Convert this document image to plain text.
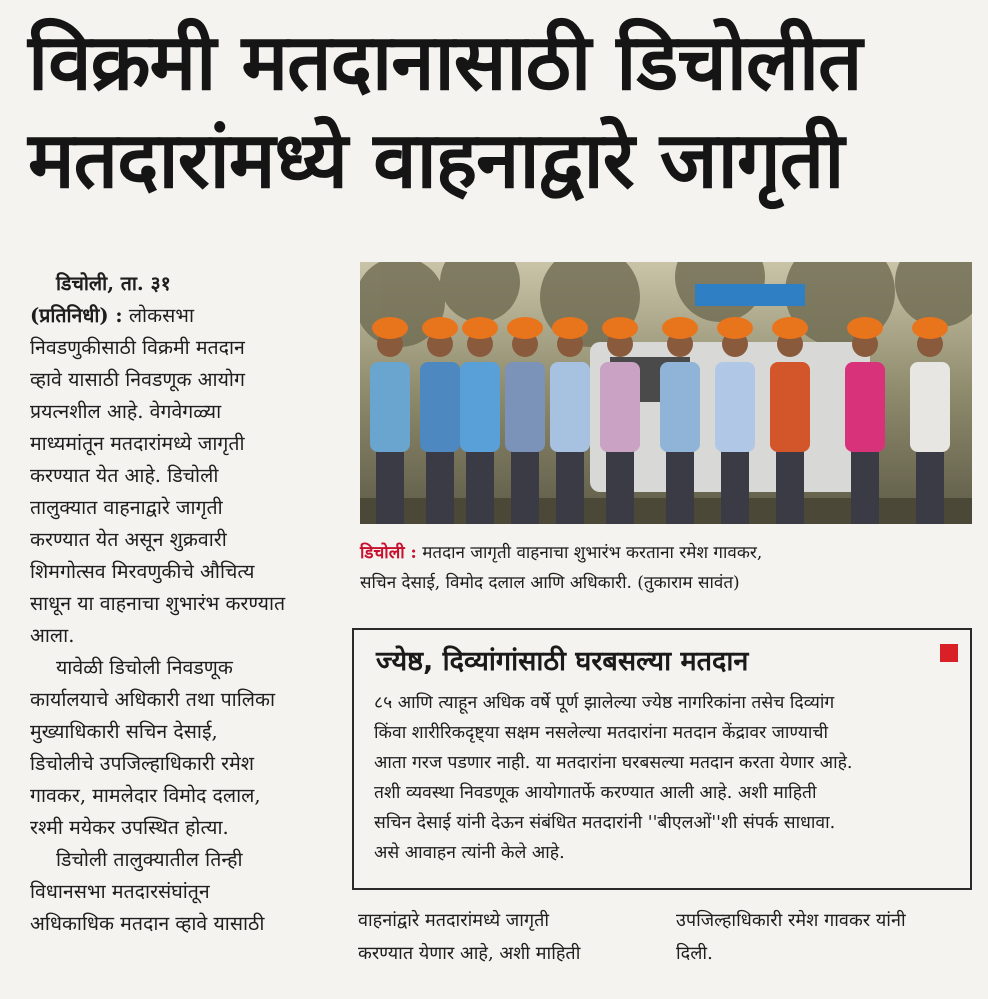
विक्रमी मतदानासाठी डिचोलीत
मतदारांमध्ये वाहनाद्वारे जागृती

डिचोली, ता. ३१
(प्रतिनिधी) : लोकसभा
निवडणुकीसाठी विक्रमी मतदान
व्हावे यासाठी निवडणूक आयोग
प्रयत्नशील आहे. वेगवेगळ्या
माध्यमांतून मतदारांमध्ये जागृती
करण्यात येत आहे. डिचोली
तालुक्यात वाहनाद्वारे जागृती
करण्यात येत असून शुक्रवारी
शिमगोत्सव मिरवणुकीचे औचित्य
साधून या वाहनाचा शुभारंभ करण्यात
आला.

यावेळी डिचोली निवडणूक
कार्यालयाचे अधिकारी तथा पालिका
मुख्याधिकारी सचिन देसाई,
डिचोलीचे उपजिल्हाधिकारी रमेश
गावकर, मामलेदार विमोद दलाल,
रश्मी मयेकर उपस्थित होत्या.

डिचोली तालुक्यातील तिन्ही
विधानसभा मतदारसंघांतून
अधिकाधिक मतदान व्हावे यासाठी

डिचोली : मतदान जागृती वाहनाचा शुभारंभ करताना रमेश गावकर,
सचिन देसाई, विमोद दलाल आणि अधिकारी. (तुकाराम सावंत)
ज्येष्ठ, दिव्यांगांसाठी घरबसल्या मतदान
८५ आणि त्याहून अधिक वर्षे पूर्ण झालेल्या ज्येष्ठ नागरिकांना तसेच दिव्यांग
किंवा शारीरिकदृष्ट्या सक्षम नसलेल्या मतदारांना मतदान केंद्रावर जाण्याची
आता गरज पडणार नाही. या मतदारांना घरबसल्या मतदान करता येणार आहे.
तशी व्यवस्था निवडणूक आयोगातर्फे करण्यात आली आहे. अशी माहिती
सचिन देसाई यांनी देऊन संबंधित मतदारांनी ''बीएलओं''शी संपर्क साधावा.
असे आवाहन त्यांनी केले आहे.
वाहनांद्वारे मतदारांमध्ये जागृती
करण्यात येणार आहे, अशी माहिती
उपजिल्हाधिकारी रमेश गावकर यांनी
दिली.
